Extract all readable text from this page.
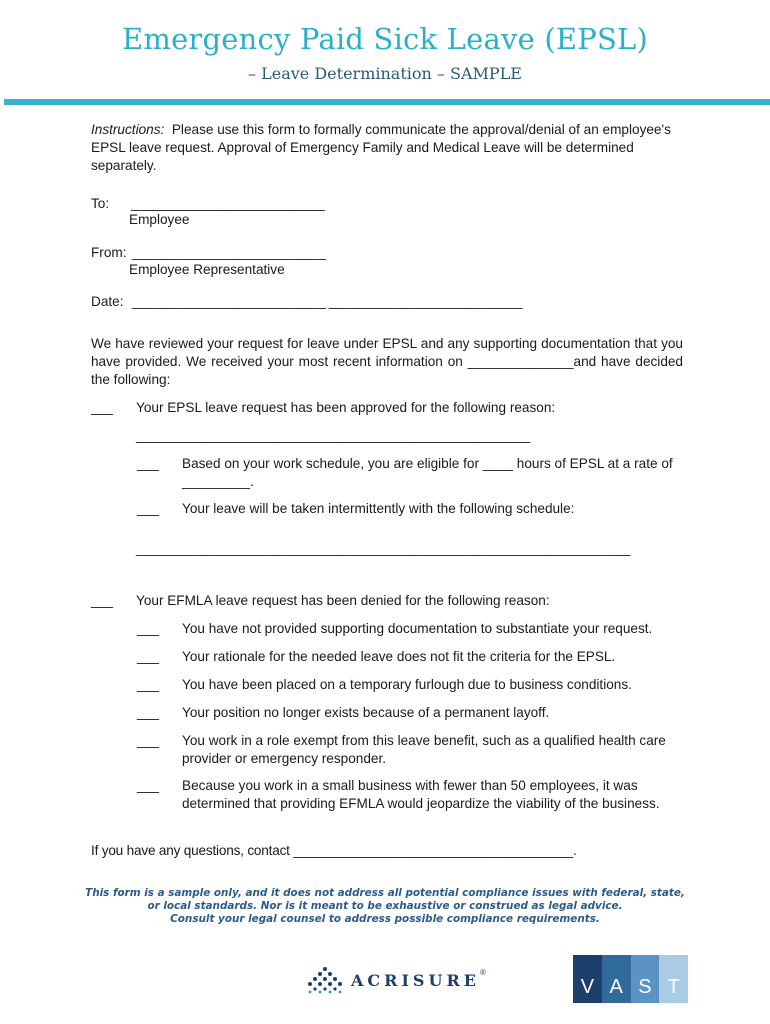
Emergency Paid Sick Leave (EPSL)
– Leave Determination – SAMPLE
Instructions: Please use this form to formally communicate the approval/denial of an employee's EPSL leave request. Approval of Emergency Family and Medical Leave will be determined separately.
To: ___________________________
Employee
From: ___________________________
Employee Representative
Date: ___________________________ ___________________________
We have reviewed your request for leave under EPSL and any supporting documentation that you have provided. We received your most recent information on ______________and have decided the following:
___ Your EPSL leave request has been approved for the following reason:
_______________________________________________________
___ Based on your work schedule, you are eligible for ____ hours of EPSL at a rate of _________.
___ Your leave will be taken intermittently with the following schedule:
_____________________________________________________________________
___ Your EFMLA leave request has been denied for the following reason:
___ You have not provided supporting documentation to substantiate your request.
___ Your rationale for the needed leave does not fit the criteria for the EPSL.
___ You have been placed on a temporary furlough due to business conditions.
___ Your position no longer exists because of a permanent layoff.
___ You work in a role exempt from this leave benefit, such as a qualified health care provider or emergency responder.
___ Because you work in a small business with fewer than 50 employees, it was determined that providing EFMLA would jeopardize the viability of the business.
If you have any questions, contact ______________________________________.
This form is a sample only, and it does not address all potential compliance issues with federal, state,
or local standards. Nor is it meant to be exhaustive or construed as legal advice.
Consult your legal counsel to address possible compliance requirements.
ACRISURE ®
V A S T
